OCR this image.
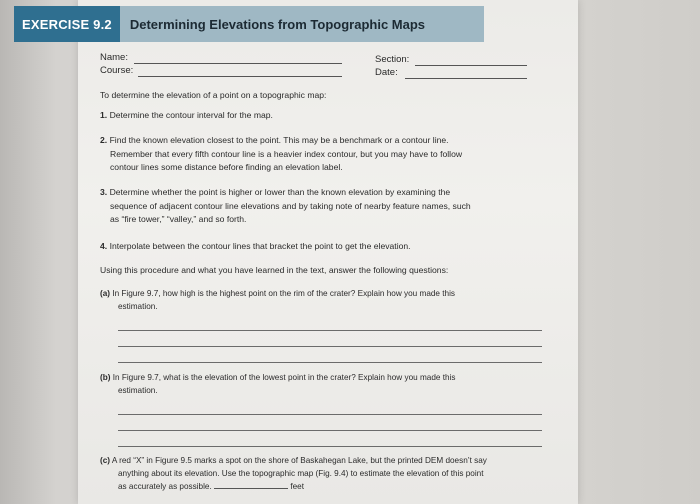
EXERCISE 9.2	Determining Elevations from Topographic Maps
Name:
Course:
Section:
Date:
To determine the elevation of a point on a topographic map:
1. Determine the contour interval for the map.
2. Find the known elevation closest to the point. This may be a benchmark or a contour line.
Remember that every fifth contour line is a heavier index contour, but you may have to follow
contour lines some distance before finding an elevation label.
3. Determine whether the point is higher or lower than the known elevation by examining the
sequence of adjacent contour line elevations and by taking note of nearby feature names, such
as “fire tower,” “valley,” and so forth.
4. Interpolate between the contour lines that bracket the point to get the elevation.
Using this procedure and what you have learned in the text, answer the following questions:
(a) In Figure 9.7, how high is the highest point on the rim of the crater? Explain how you made this
estimation.
(b) In Figure 9.7, what is the elevation of the lowest point in the crater? Explain how you made this
estimation.
(c) A red “X” in Figure 9.5 marks a spot on the shore of Baskahegan Lake, but the printed DEM doesn’t say
anything about its elevation. Use the topographic map (Fig. 9.4) to estimate the elevation of this point
as accurately as possible.	feet
